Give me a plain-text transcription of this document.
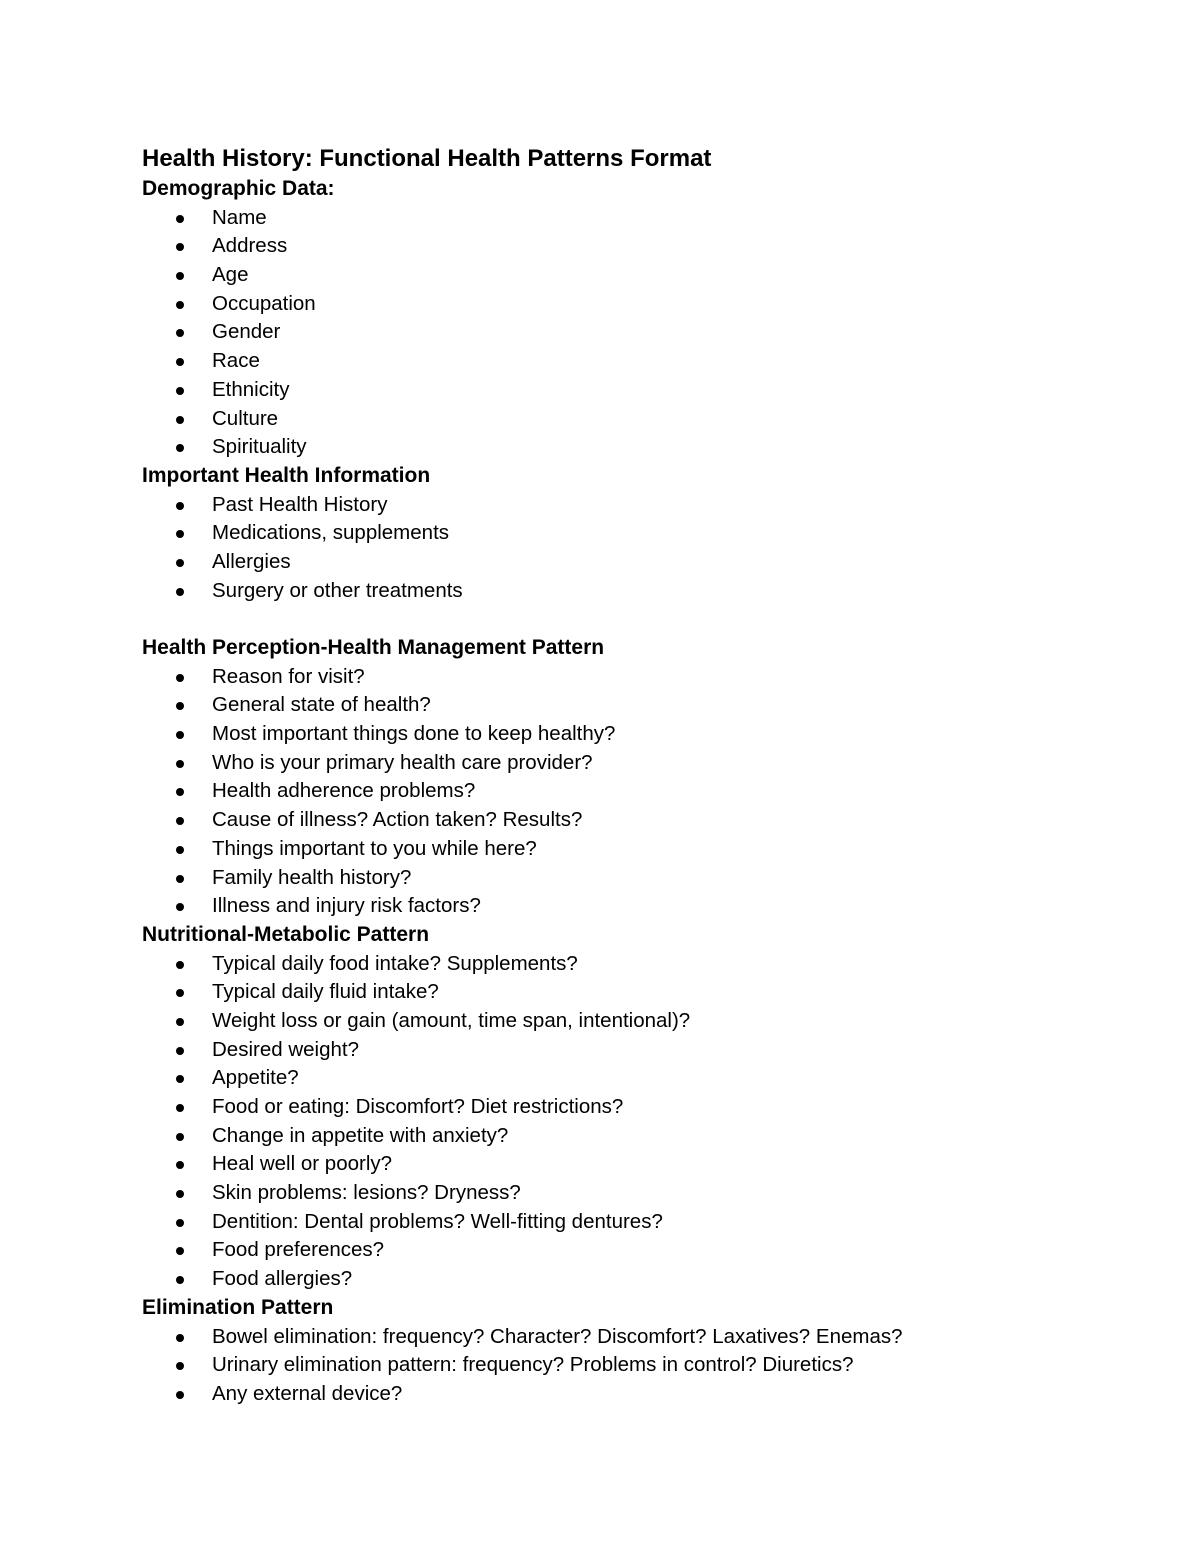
Health History: Functional Health Patterns Format
Demographic Data:
Name
Address
Age
Occupation
Gender
Race
Ethnicity
Culture
Spirituality
Important Health Information
Past Health History
Medications, supplements
Allergies
Surgery or other treatments
Health Perception-Health Management Pattern
Reason for visit?
General state of health?
Most important things done to keep healthy?
Who is your primary health care provider?
Health adherence problems?
Cause of illness? Action taken? Results?
Things important to you while here?
Family health history?
Illness and injury risk factors?
Nutritional-Metabolic Pattern
Typical daily food intake? Supplements?
Typical daily fluid intake?
Weight loss or gain (amount, time span, intentional)?
Desired weight?
Appetite?
Food or eating: Discomfort? Diet restrictions?
Change in appetite with anxiety?
Heal well or poorly?
Skin problems: lesions? Dryness?
Dentition: Dental problems? Well-fitting dentures?
Food preferences?
Food allergies?
Elimination Pattern
Bowel elimination: frequency? Character? Discomfort? Laxatives? Enemas?
Urinary elimination pattern: frequency? Problems in control? Diuretics?
Any external device?
